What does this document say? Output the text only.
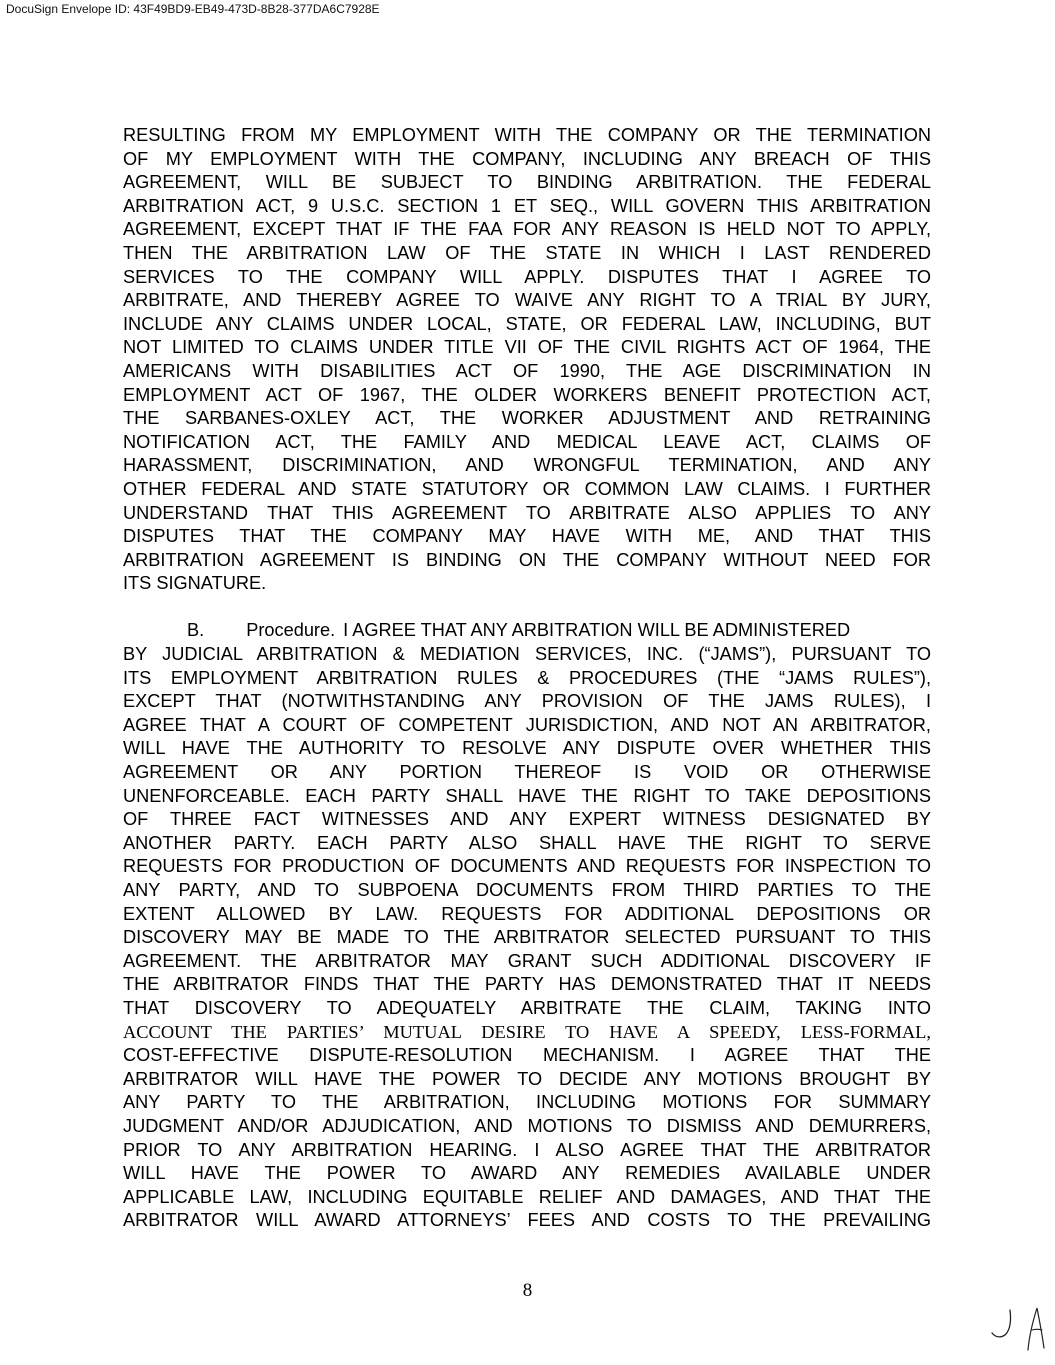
DocuSign Envelope ID: 43F49BD9-EB49-473D-8B28-377DA6C7928E
RESULTING FROM MY EMPLOYMENT WITH THE COMPANY OR THE TERMINATION
OF MY EMPLOYMENT WITH THE COMPANY, INCLUDING ANY BREACH OF THIS
AGREEMENT, WILL BE SUBJECT TO BINDING ARBITRATION. THE FEDERAL
ARBITRATION ACT, 9 U.S.C. SECTION 1 ET SEQ., WILL GOVERN THIS ARBITRATION
AGREEMENT, EXCEPT THAT IF THE FAA FOR ANY REASON IS HELD NOT TO APPLY,
THEN THE ARBITRATION LAW OF THE STATE IN WHICH I LAST RENDERED
SERVICES TO THE COMPANY WILL APPLY. DISPUTES THAT I AGREE TO
ARBITRATE, AND THEREBY AGREE TO WAIVE ANY RIGHT TO A TRIAL BY JURY,
INCLUDE ANY CLAIMS UNDER LOCAL, STATE, OR FEDERAL LAW, INCLUDING, BUT
NOT LIMITED TO CLAIMS UNDER TITLE VII OF THE CIVIL RIGHTS ACT OF 1964, THE
AMERICANS WITH DISABILITIES ACT OF 1990, THE AGE DISCRIMINATION IN
EMPLOYMENT ACT OF 1967, THE OLDER WORKERS BENEFIT PROTECTION ACT,
THE SARBANES-OXLEY ACT, THE WORKER ADJUSTMENT AND RETRAINING
NOTIFICATION ACT, THE FAMILY AND MEDICAL LEAVE ACT, CLAIMS OF
HARASSMENT, DISCRIMINATION, AND WRONGFUL TERMINATION, AND ANY
OTHER FEDERAL AND STATE STATUTORY OR COMMON LAW CLAIMS. I FURTHER
UNDERSTAND THAT THIS AGREEMENT TO ARBITRATE ALSO APPLIES TO ANY
DISPUTES THAT THE COMPANY MAY HAVE WITH ME, AND THAT THIS
ARBITRATION AGREEMENT IS BINDING ON THE COMPANY WITHOUT NEED FOR
ITS SIGNATURE.
B. Procedure. I AGREE THAT ANY ARBITRATION WILL BE ADMINISTERED
BY JUDICIAL ARBITRATION & MEDIATION SERVICES, INC. (“JAMS”), PURSUANT TO
ITS EMPLOYMENT ARBITRATION RULES & PROCEDURES (THE “JAMS RULES”),
EXCEPT THAT (NOTWITHSTANDING ANY PROVISION OF THE JAMS RULES), I
AGREE THAT A COURT OF COMPETENT JURISDICTION, AND NOT AN ARBITRATOR,
WILL HAVE THE AUTHORITY TO RESOLVE ANY DISPUTE OVER WHETHER THIS
AGREEMENT OR ANY PORTION THEREOF IS VOID OR OTHERWISE
UNENFORCEABLE. EACH PARTY SHALL HAVE THE RIGHT TO TAKE DEPOSITIONS
OF THREE FACT WITNESSES AND ANY EXPERT WITNESS DESIGNATED BY
ANOTHER PARTY. EACH PARTY ALSO SHALL HAVE THE RIGHT TO SERVE
REQUESTS FOR PRODUCTION OF DOCUMENTS AND REQUESTS FOR INSPECTION TO
ANY PARTY, AND TO SUBPOENA DOCUMENTS FROM THIRD PARTIES TO THE
EXTENT ALLOWED BY LAW. REQUESTS FOR ADDITIONAL DEPOSITIONS OR
DISCOVERY MAY BE MADE TO THE ARBITRATOR SELECTED PURSUANT TO THIS
AGREEMENT. THE ARBITRATOR MAY GRANT SUCH ADDITIONAL DISCOVERY IF
THE ARBITRATOR FINDS THAT THE PARTY HAS DEMONSTRATED THAT IT NEEDS
THAT DISCOVERY TO ADEQUATELY ARBITRATE THE CLAIM, TAKING INTO
ACCOUNT THE PARTIES’ MUTUAL DESIRE TO HAVE A SPEEDY, LESS-FORMAL,
COST-EFFECTIVE DISPUTE-RESOLUTION MECHANISM. I AGREE THAT THE
ARBITRATOR WILL HAVE THE POWER TO DECIDE ANY MOTIONS BROUGHT BY
ANY PARTY TO THE ARBITRATION, INCLUDING MOTIONS FOR SUMMARY
JUDGMENT AND/OR ADJUDICATION, AND MOTIONS TO DISMISS AND DEMURRERS,
PRIOR TO ANY ARBITRATION HEARING. I ALSO AGREE THAT THE ARBITRATOR
WILL HAVE THE POWER TO AWARD ANY REMEDIES AVAILABLE UNDER
APPLICABLE LAW, INCLUDING EQUITABLE RELIEF AND DAMAGES, AND THAT THE
ARBITRATOR WILL AWARD ATTORNEYS’ FEES AND COSTS TO THE PREVAILING
8
